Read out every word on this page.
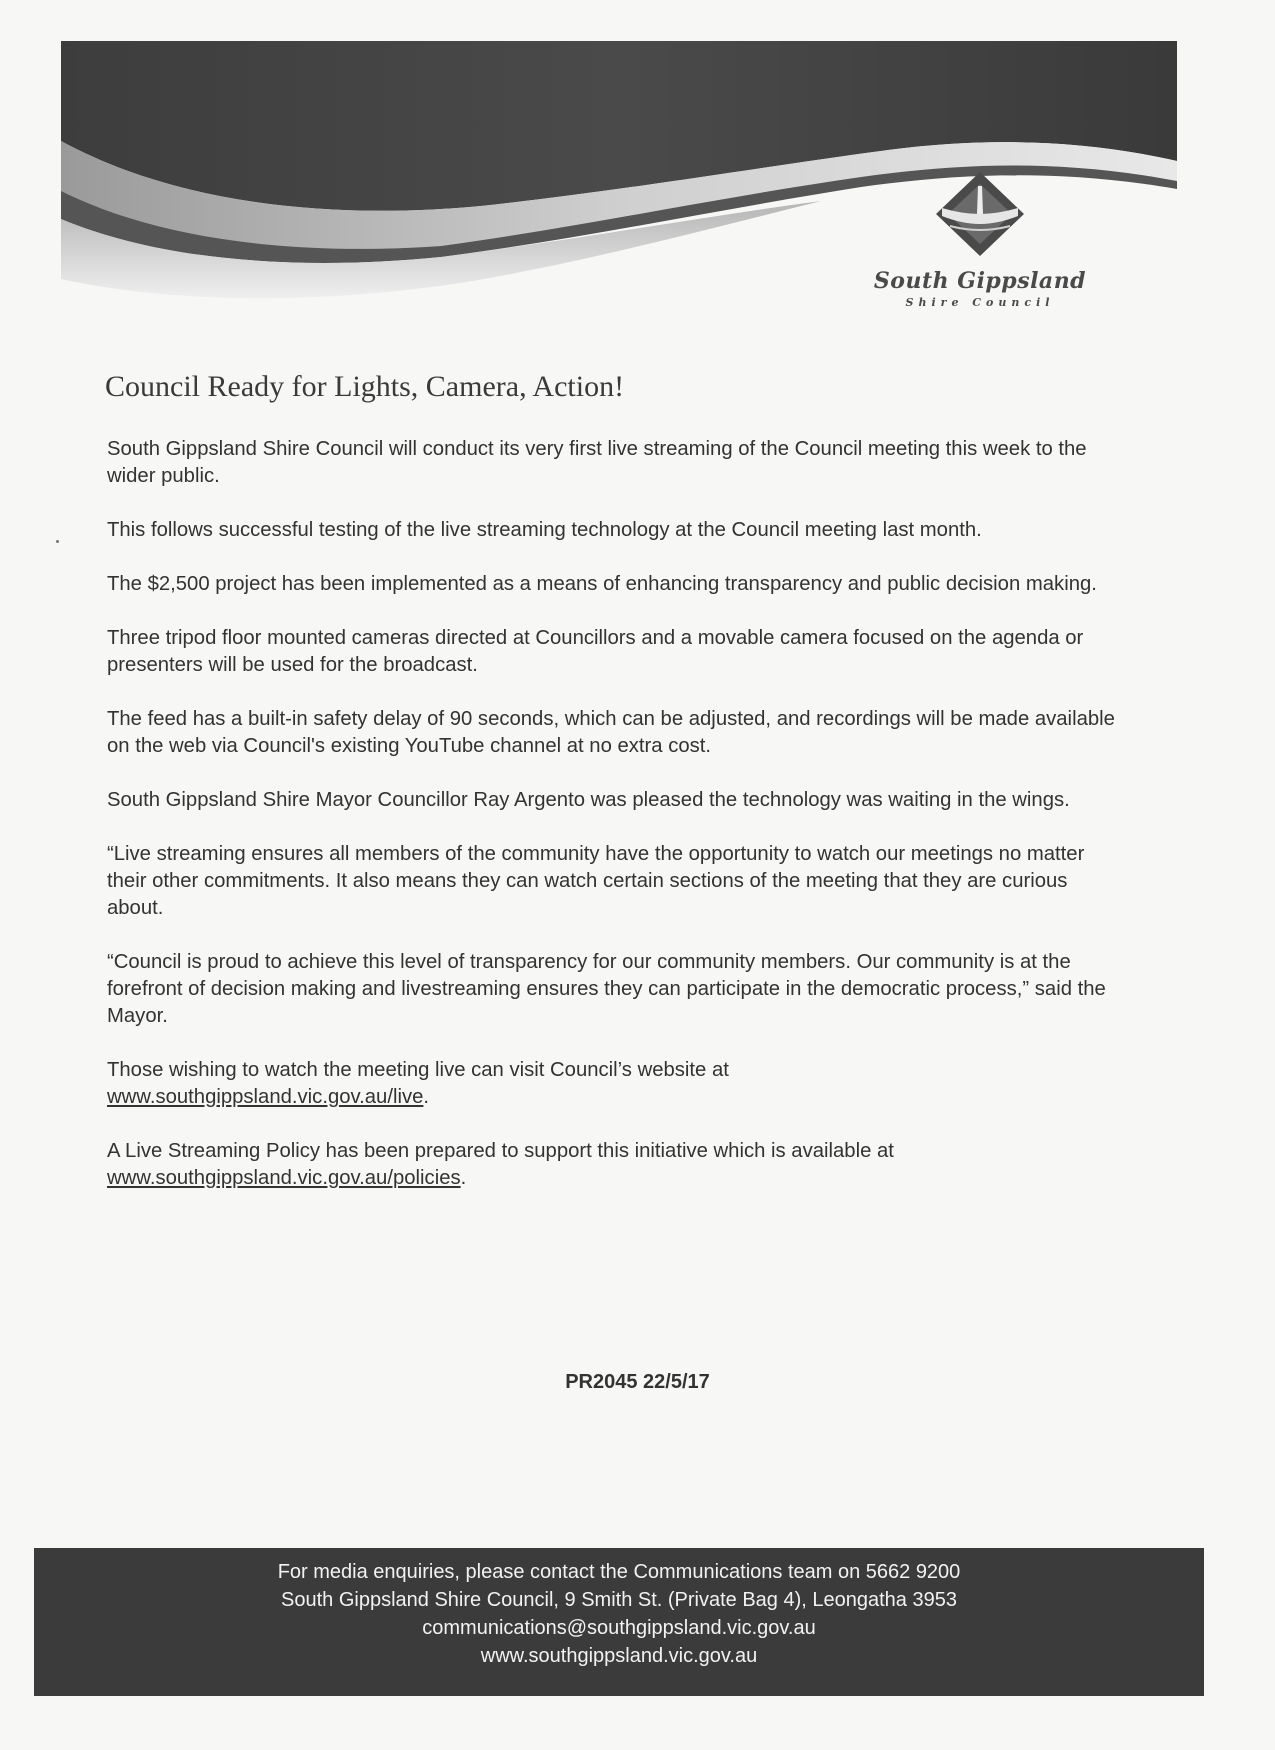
South Gippsland
Shire Council
Council Ready for Lights, Camera, Action!

South Gippsland Shire Council will conduct its very first live streaming of the Council meeting this week to the wider public.

This follows successful testing of the live streaming technology at the Council meeting last month.

The $2,500 project has been implemented as a means of enhancing transparency and public decision making.

Three tripod floor mounted cameras directed at Councillors and a movable camera focused on the agenda or presenters will be used for the broadcast.

The feed has a built-in safety delay of 90 seconds, which can be adjusted, and recordings will be made available on the web via Council's existing YouTube channel at no extra cost.

South Gippsland Shire Mayor Councillor Ray Argento was pleased the technology was waiting in the wings.

“Live streaming ensures all members of the community have the opportunity to watch our meetings no matter their other commitments. It also means they can watch certain sections of the meeting that they are curious about.

“Council is proud to achieve this level of transparency for our community members. Our community is at the forefront of decision making and livestreaming ensures they can participate in the democratic process,” said the Mayor.

Those wishing to watch the meeting live can visit Council’s website at
www.southgippsland.vic.gov.au/live.

A Live Streaming Policy has been prepared to support this initiative which is available at
www.southgippsland.vic.gov.au/policies.

PR2045 22/5/17
For media enquiries, please contact the Communications team on 5662 9200
South Gippsland Shire Council, 9 Smith St. (Private Bag 4), Leongatha 3953
communications@southgippsland.vic.gov.au
www.southgippsland.vic.gov.au
